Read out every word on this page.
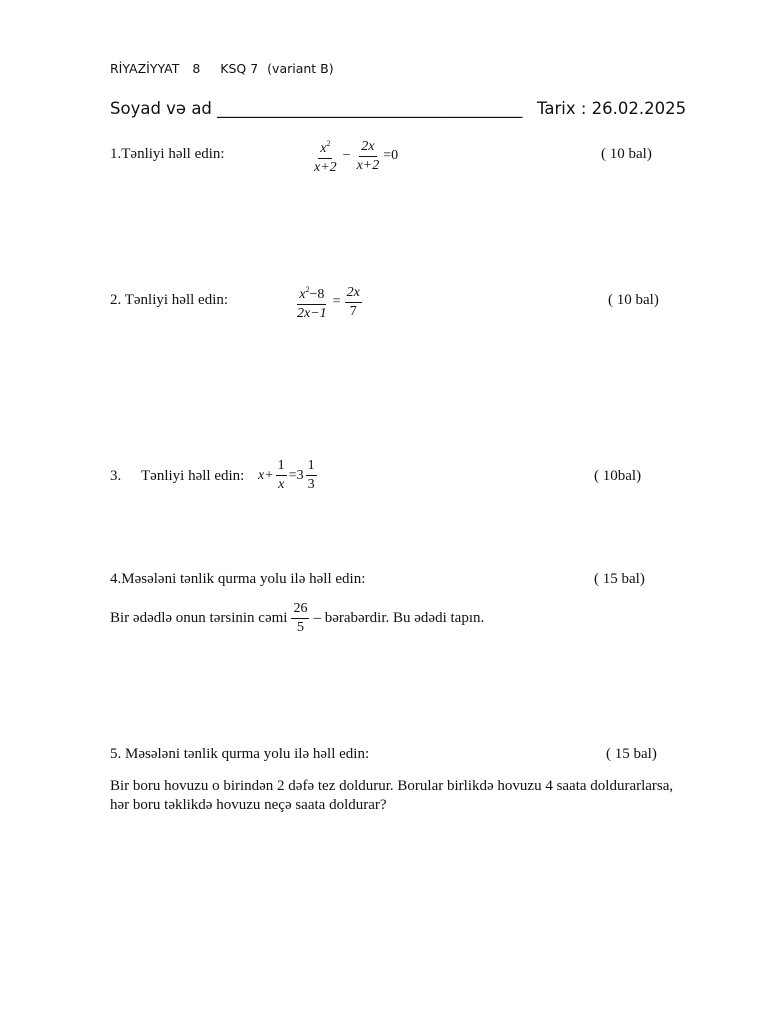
RİYAZİYYAT 8 KSQ 7 (variant B)
Soyad və ad _____________________________________ Tarix : 26.02.2025
1.Tənliyi həll edin:	$\frac{x^2}{x+2} - \frac{2x}{x+2} =0$	( 10 bal)
2. Tənliyi həll edin:	$\frac{x^2-8}{2x-1} = \frac{2x}{7}$	( 10 bal)
3. Tənliyi həll edin: $x+ \frac{1}{x} =3 \frac{1}{3}$	( 10bal)
4.Məsələni tənlik qurma yolu ilə həll edin:	( 15 bal)
Bir ədədlə onun tərsinin cəmi $\frac{26}{5}$ – bərabərdir. Bu ədədi tapın.
5. Məsələni tənlik qurma yolu ilə həll edin:	( 15 bal)
Bir boru hovuzu o birindən 2 dəfə tez doldurur. Borular birlikdə hovuzu 4 saata doldurarlarsa,
hər boru təklikdə hovuzu neçə saata doldurar?
